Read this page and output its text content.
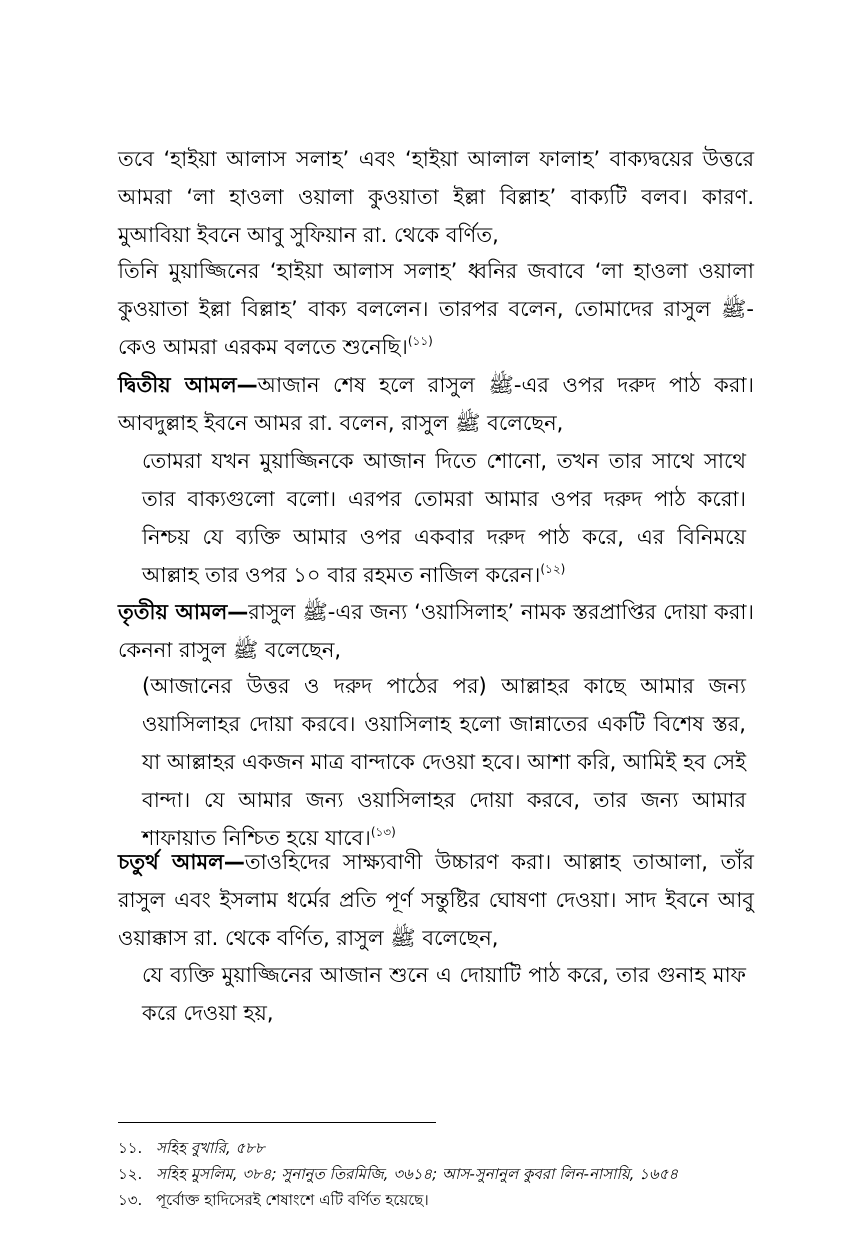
তবে ‘হাইয়া আলাস সলাহ’ এবং ‘হাইয়া আলাল ফালাহ’ বাক্যদ্বয়ের উত্তরে আমরা ‘লা হাওলা ওয়ালা কুওয়াতা ইল্লা বিল্লাহ’ বাক্যটি বলব। কারণ. মুআবিয়া ইবনে আবু সুফিয়ান রা. থেকে বর্ণিত,

তিনি মুয়াজ্জিনের ‘হাইয়া আলাস সলাহ’ ধ্বনির জবাবে ‘লা হাওলা ওয়ালা কুওয়াতা ইল্লা বিল্লাহ’ বাক্য বললেন। তারপর বলেন, তোমাদের রাসুল ﷺ-কেও আমরা এরকম বলতে শুনেছি।$^{(১১)}$

দ্বিতীয় আমল—আজান শেষ হলে রাসুল ﷺ-এর ওপর দরুদ পাঠ করা। আবদুল্লাহ ইবনে আমর রা. বলেন, রাসুল ﷺ বলেছেন,

তোমরা যখন মুয়াজ্জিনকে আজান দিতে শোনো, তখন তার সাথে সাথে তার বাক্যগুলো বলো। এরপর তোমরা আমার ওপর দরুদ পাঠ করো। নিশ্চয় যে ব্যক্তি আমার ওপর একবার দরুদ পাঠ করে, এর বিনিময়ে আল্লাহ তার ওপর ১০ বার রহমত নাজিল করেন।$^{(১২)}$

তৃতীয় আমল—রাসুল ﷺ-এর জন্য ‘ওয়াসিলাহ’ নামক স্তরপ্রাপ্তির দোয়া করা। কেননা রাসুল ﷺ বলেছেন,

(আজানের উত্তর ও দরুদ পাঠের পর) আল্লাহর কাছে আমার জন্য ওয়াসিলাহর দোয়া করবে। ওয়াসিলাহ হলো জান্নাতের একটি বিশেষ স্তর, যা আল্লাহর একজন মাত্র বান্দাকে দেওয়া হবে। আশা করি, আমিই হব সেই বান্দা। যে আমার জন্য ওয়াসিলাহর দোয়া করবে, তার জন্য আমার শাফায়াত নিশ্চিত হয়ে যাবে।$^{(১৩)}$

চতুর্থ আমল—তাওহিদের সাক্ষ্যবাণী উচ্চারণ করা। আল্লাহ তাআলা, তাঁর রাসুল এবং ইসলাম ধর্মের প্রতি পূর্ণ সন্তুষ্টির ঘোষণা দেওয়া। সাদ ইবনে আবু ওয়াক্কাস রা. থেকে বর্ণিত, রাসুল ﷺ বলেছেন,

যে ব্যক্তি মুয়াজ্জিনের আজান শুনে এ দোয়াটি পাঠ করে, তার গুনাহ মাফ করে দেওয়া হয়,

১১. সহিহ বুখারি, ৫৮৮
১২. সহিহ মুসলিম, ৩৮৪; সুনানুত তিরমিজি, ৩৬১৪; আস-সুনানুল কুবরা লিন-নাসায়ি, ১৬৫৪
১৩. পূর্বোক্ত হাদিসেরই শেষাংশে এটি বর্ণিত হয়েছে।
